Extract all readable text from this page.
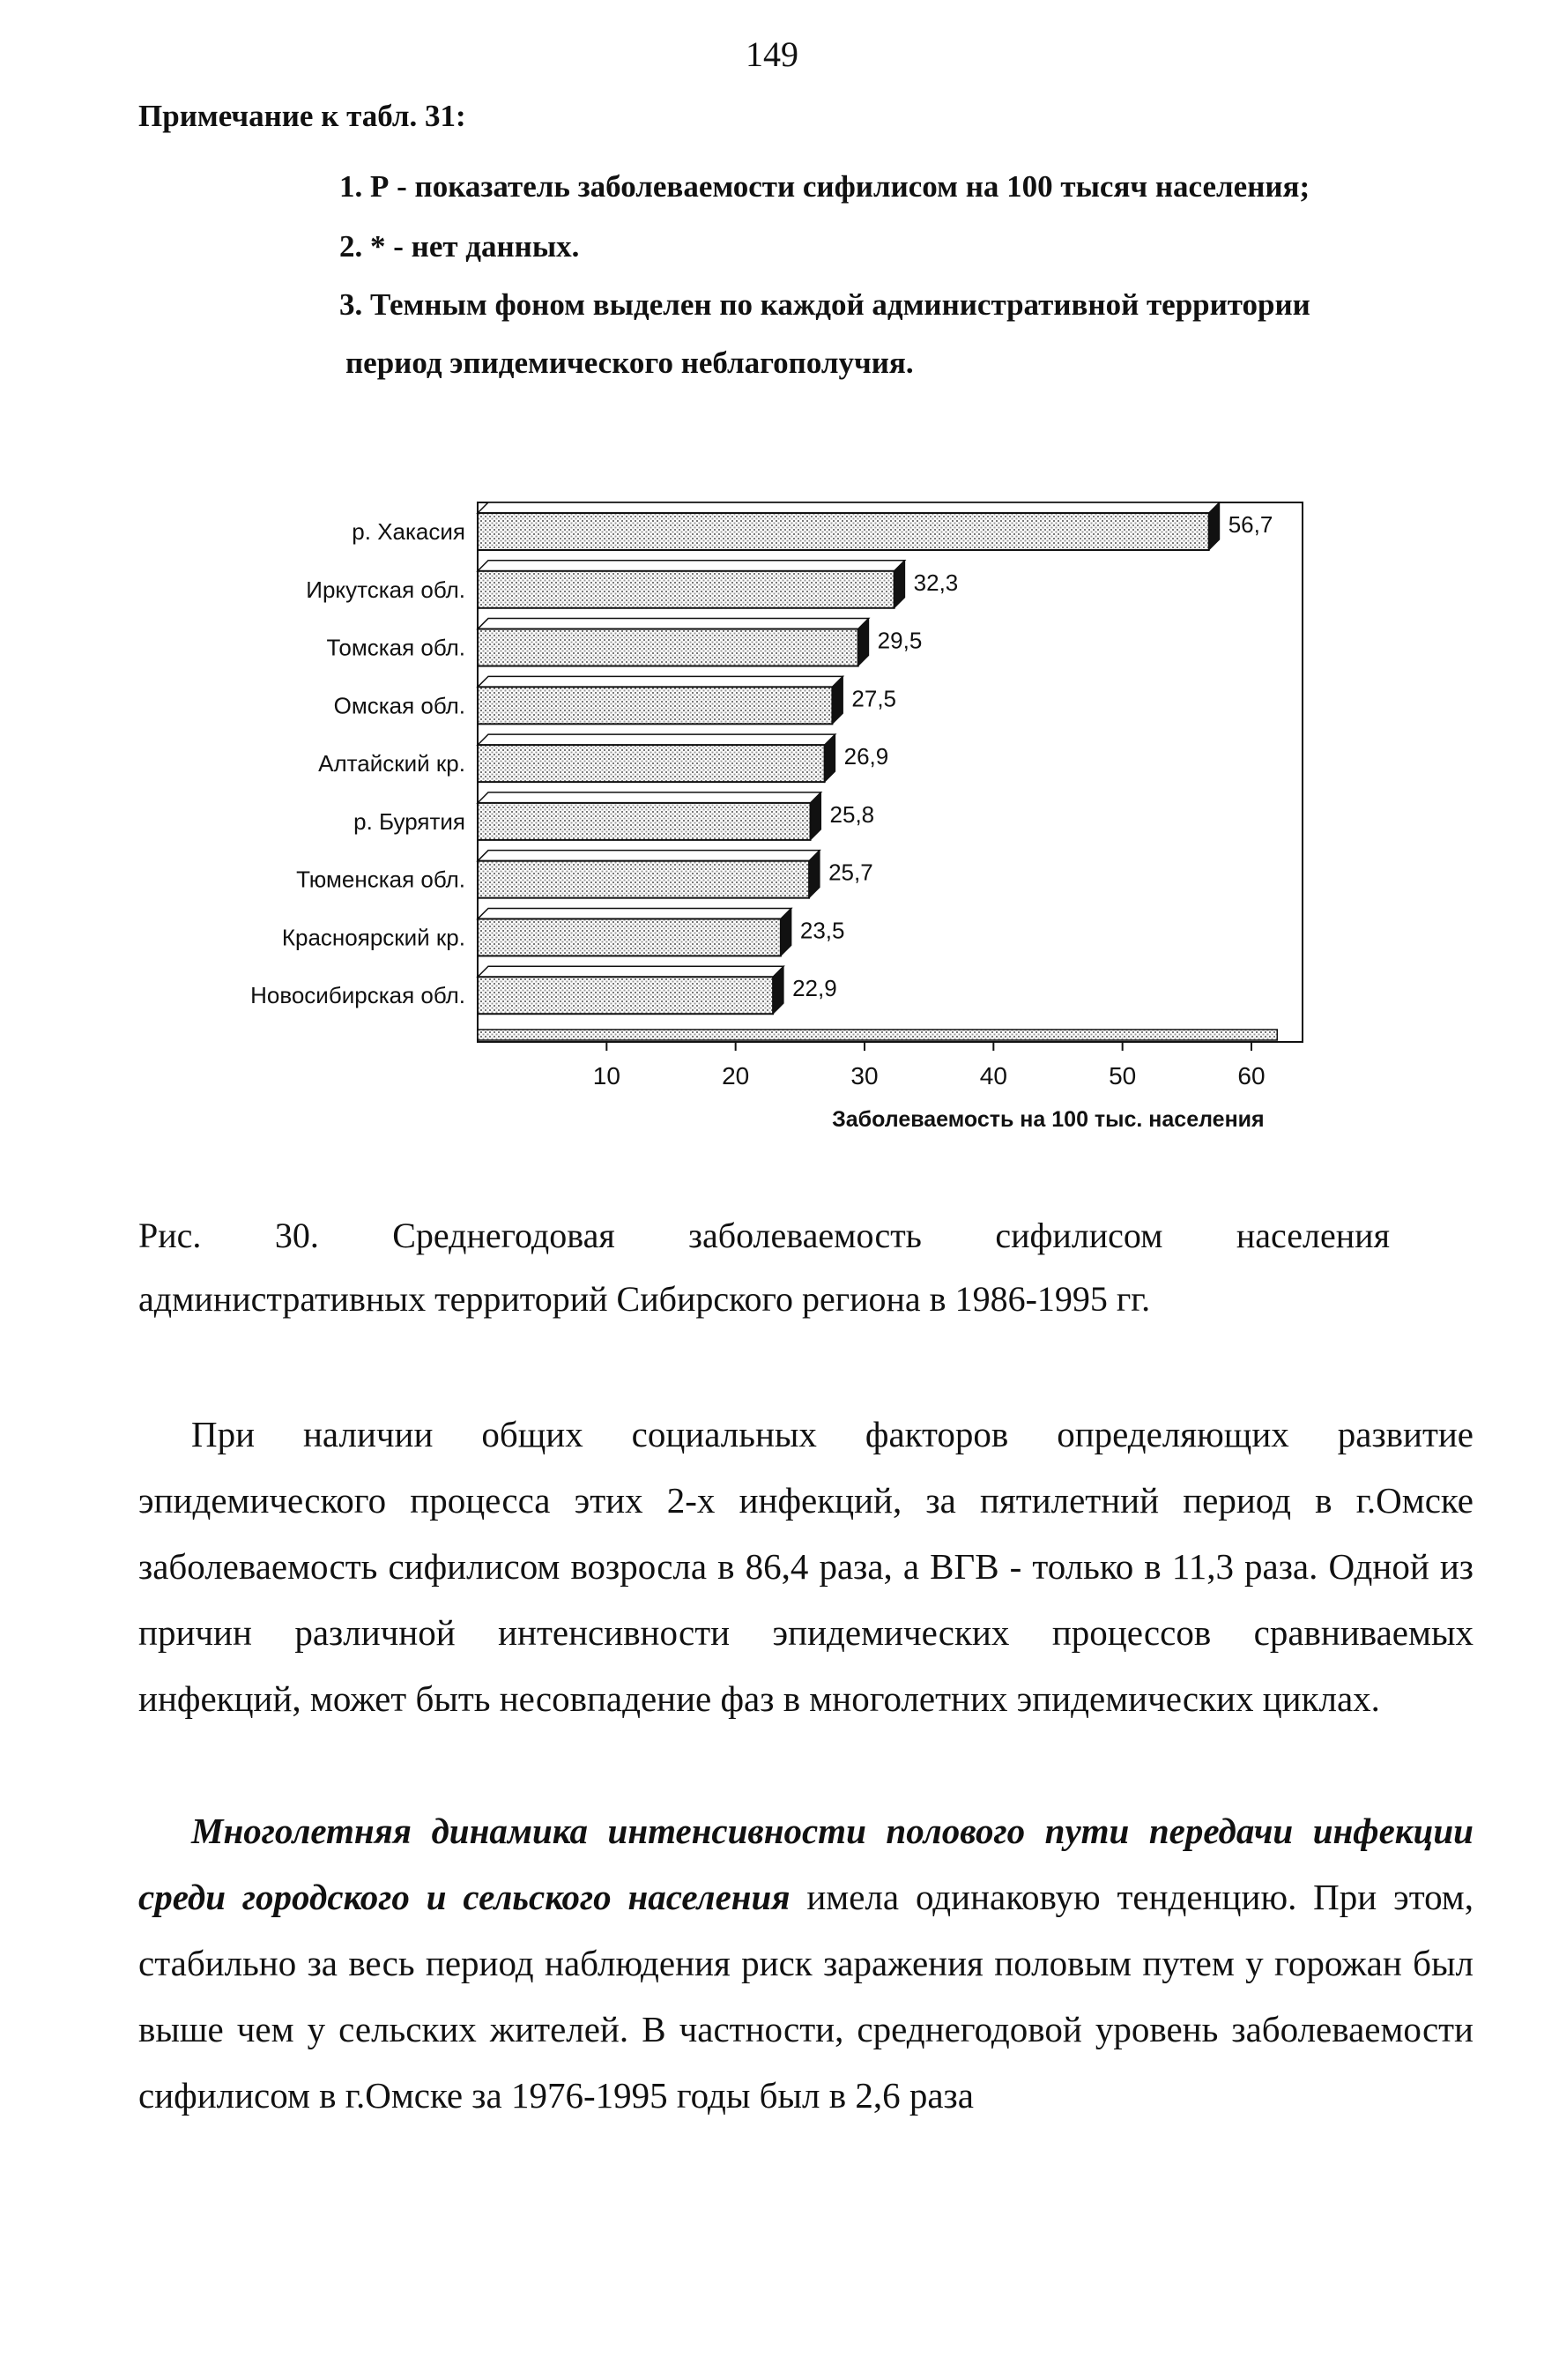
149
Примечание к табл. 31:
1. Р - показатель заболеваемости сифилисом на 100 тысяч населения;
2. * - нет данных.
3. Темным фоном выделен по каждой административной территории
период эпидемического неблагополучия.
р. Хакасия	56,7
Иркутская обл.	32,3
Томская обл.	29,5
Омская обл.	27,5
Алтайский кр.	26,9
р. Бурятия	25,8
Тюменская обл.	25,7
Красноярский кр.	23,5
Новосибирская обл.	22,9
10	20	30	40	50	60
Заболеваемость на 100 тыс. населения
Рис. 30. Среднегодовая заболеваемость сифилисом населения
административных территорий Сибирского региона в 1986-1995 гг.
При наличии общих социальных факторов определяющих развитие эпидемического процесса этих 2-х инфекций, за пятилетний период в г.Омске заболеваемость сифилисом возросла в 86,4 раза, а ВГВ - только в 11,3 раза. Одной из причин различной интенсивности эпидемических процессов сравниваемых инфекций, может быть несовпадение фаз в многолетних эпидемических циклах.
Многолетняя динамика интенсивности полового пути передачи инфекции среди городского и сельского населения имела одинаковую тенденцию. При этом, стабильно за весь период наблюдения риск заражения половым путем у горожан был выше чем у сельских жителей. В частности, среднегодовой уровень заболеваемости сифилисом в г.Омске за 1976-1995 годы был в 2,6 раза
